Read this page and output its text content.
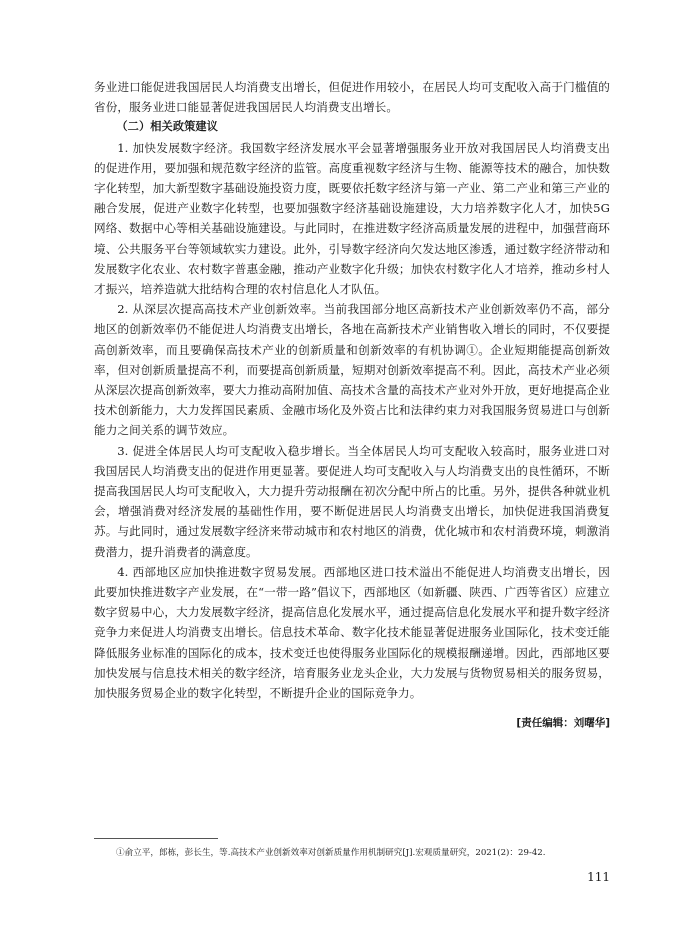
务业进口能促进我国居民人均消费支出增长，但促进作用较小，在居民人均可支配收入高于门槛值的省份，服务业进口能显著促进我国居民人均消费支出增长。

（二）相关政策建议

1. 加快发展数字经济。我国数字经济发展水平会显著增强服务业开放对我国居民人均消费支出的促进作用，要加强和规范数字经济的监管。高度重视数字经济与生物、能源等技术的融合，加快数字化转型，加大新型数字基础设施投资力度，既要依托数字经济与第一产业、第二产业和第三产业的融合发展，促进产业数字化转型，也要加强数字经济基础设施建设，大力培养数字化人才，加快5G网络、数据中心等相关基础设施建设。与此同时，在推进数字经济高质量发展的进程中，加强营商环境、公共服务平台等领域软实力建设。此外，引导数字经济向欠发达地区渗透，通过数字经济带动和发展数字化农业、农村数字普惠金融，推动产业数字化升级；加快农村数字化人才培养，推动乡村人才振兴，培养造就大批结构合理的农村信息化人才队伍。

2. 从深层次提高高技术产业创新效率。当前我国部分地区高新技术产业创新效率仍不高，部分地区的创新效率仍不能促进人均消费支出增长，各地在高新技术产业销售收入增长的同时，不仅要提高创新效率，而且要确保高技术产业的创新质量和创新效率的有机协调①。企业短期能提高创新效率，但对创新质量提高不利，而要提高创新质量，短期对创新效率提高不利。因此，高技术产业必须从深层次提高创新效率，要大力推动高附加值、高技术含量的高技术产业对外开放，更好地提高企业技术创新能力，大力发挥国民素质、金融市场化及外资占比和法律约束力对我国服务贸易进口与创新能力之间关系的调节效应。

3. 促进全体居民人均可支配收入稳步增长。当全体居民人均可支配收入较高时，服务业进口对我国居民人均消费支出的促进作用更显著。要促进人均可支配收入与人均消费支出的良性循环，不断提高我国居民人均可支配收入，大力提升劳动报酬在初次分配中所占的比重。另外，提供各种就业机会，增强消费对经济发展的基础性作用，要不断促进居民人均消费支出增长，加快促进我国消费复苏。与此同时，通过发展数字经济来带动城市和农村地区的消费，优化城市和农村消费环境，刺激消费潜力，提升消费者的满意度。

4. 西部地区应加快推进数字贸易发展。西部地区进口技术溢出不能促进人均消费支出增长，因此要加快推进数字产业发展，在“一带一路”倡议下，西部地区（如新疆、陕西、广西等省区）应建立数字贸易中心，大力发展数字经济，提高信息化发展水平，通过提高信息化发展水平和提升数字经济竞争力来促进人均消费支出增长。信息技术革命、数字化技术能显著促进服务业国际化，技术变迁能降低服务业标准的国际化的成本，技术变迁也使得服务业国际化的规模报酬递增。因此，西部地区要加快发展与信息技术相关的数字经济，培育服务业龙头企业，大力发展与货物贸易相关的服务贸易，加快服务贸易企业的数字化转型，不断提升企业的国际竞争力。

[责任编辑：刘曙华]
①俞立平，郎栋，彭长生，等.高技术产业创新效率对创新质量作用机制研究[J].宏观质量研究，2021(2)：29-42.
111
